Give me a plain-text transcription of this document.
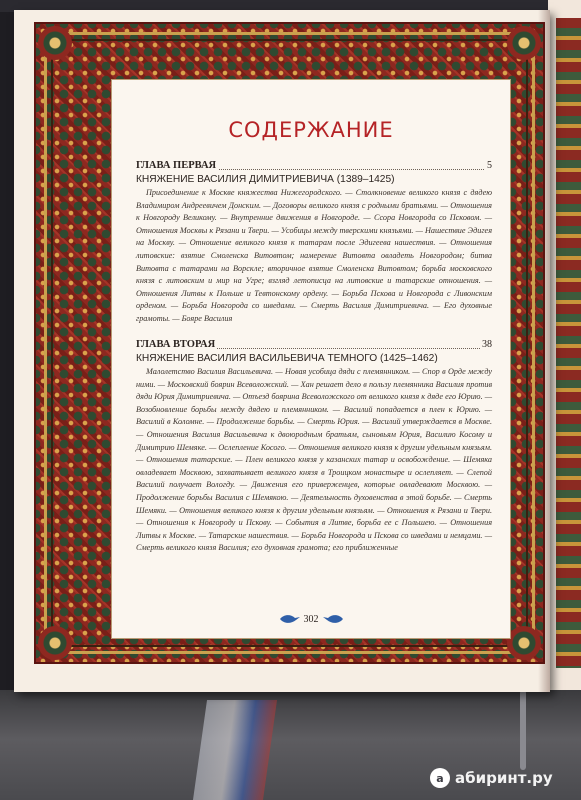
СОДЕРЖАНИЕ
ГЛАВА ПЕРВАЯ	5
КНЯЖЕНИЕ ВАСИЛИЯ ДИМИТРИЕВИЧА (1389–1425)
Присоединение к Москве княжества Нижегородского. — Столкновение великого князя с дядею Владимиром Андреевичем Донским. — Договоры великого князя с родными братьями. — Отношения к Новгороду Великому. — Внутренние движения в Новгороде. — Ссора Новгорода со Псковом. — Отношения Москвы к Рязани и Твери. — Усобицы между тверскими князьями. — Нашествие Эдигея на Москву. — Отношение великого князя к татарам после Эдигеева нашествия. — Отношения литовские: взятие Смоленска Витовтом; намерение Витовта овладеть Новгородом; битва Витовта с татарами на Ворскле; вторичное взятие Смоленска Витовтом; борьба московского князя с литовским и мир на Угре; взгляд летописца на литовские и татарские отношения. — Отношения Литвы к Польше и Тевтонскому ордену. — Борьба Пскова и Новгорода с Ливонским орденом. — Борьба Новгорода со шведами. — Смерть Василия Димитриевича. — Его духовные грамоты. — Бояре Василия
ГЛАВА ВТОРАЯ	38
КНЯЖЕНИЕ ВАСИЛИЯ ВАСИЛЬЕВИЧА ТЕМНОГО (1425–1462)
Малолетство Василия Васильевича. — Новая усобица дяди с племянником. — Спор в Орде между ними. — Московский боярин Всеволожский. — Хан решает дело в пользу племянника Василия против дяди Юрия Димитриевича. — Отъезд боярина Всеволожского от великого князя к дяде его Юрию. — Возобновление борьбы между дядею и племянником. — Василий попадается в плен к Юрию. — Василий в Коломне. — Продолжение борьбы. — Смерть Юрия. — Василий утверждается в Москве. — Отношения Василия Васильевича к двоюродным братьям, сыновьям Юрия, Василию Косому и Димитрию Шемяке. — Ослепление Косого. — Отношения великого князя к другим удельным князьям. — Отношения татарские. — Плен великого князя у казанских татар и освобождение. — Шемяка овладевает Москвою, захватывает великого князя в Троицком монастыре и ослепляет. — Слепой Василий получает Вологду. — Движения его приверженцев, которые овладевают Москвою. — Продолжение борьбы Василия с Шемякою. — Деятельность духовенства в этой борьбе. — Смерть Шемяки. — Отношения великого князя к другим удельным князьям. — Отношения к Рязани и Твери. — Отношения к Новгороду и Пскову. — События в Литве, борьба ее с Польшею. — Отношения Литвы к Москве. — Татарские нашествия. — Борьба Новгорода и Пскова со шведами и немцами. — Смерть великого князя Василия; его духовная грамота; его приближенные
302
a абиринт.ру
